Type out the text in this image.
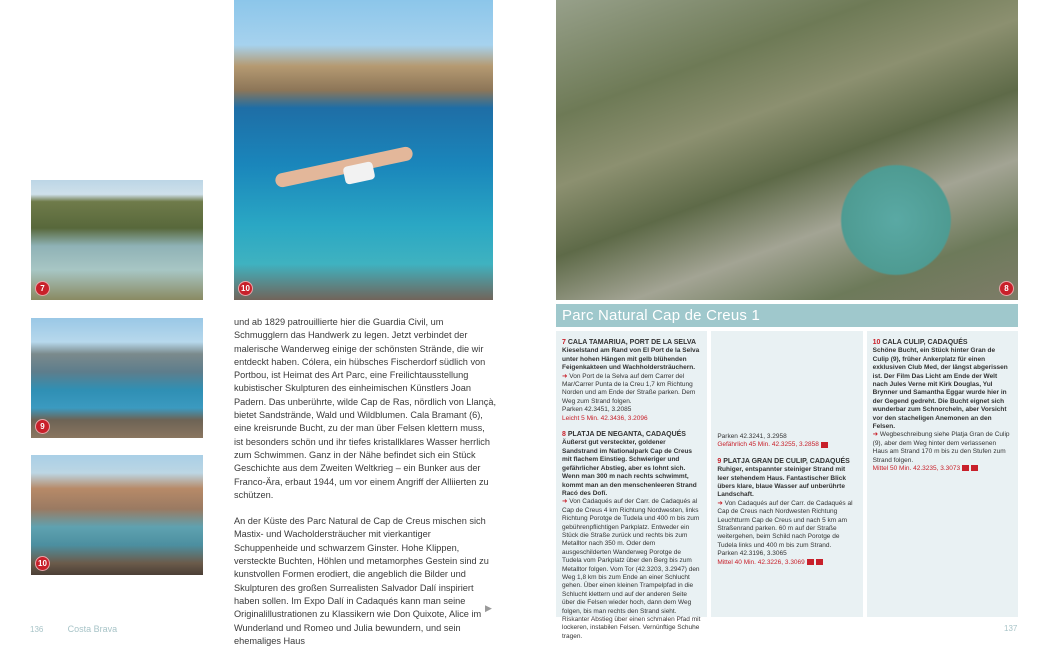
7
9
10
10	8

und ab 1829 patrouillierte hier die Guardia Civil, um Schmugglern das Handwerk zu legen. Jetzt verbindet der malerische Wanderweg einige der schönsten Strände, die wir entdeckt haben. Cólera, ein hübsches Fischerdorf südlich von Portbou, ist Heimat des Art Parc, eine Freilichtausstellung kubistischer Skulpturen des einheimischen Künstlers Joan Padern. Das unberührte, wilde Cap de Ras, nördlich von Llançà, bietet Sandstrände, Wald und Wildblumen. Cala Bramant (6), eine kreisrunde Bucht, zu der man über Felsen klettern muss, ist besonders schön und ihr tiefes kristallklares Wasser herrlich zum Schwimmen. Ganz in der Nähe befindet sich ein Stück Geschichte aus dem Zweiten Weltkrieg – ein Bunker aus der Franco-Ära, erbaut 1944, um vor einem Angriff der Alliierten zu schützen.

An der Küste des Parc Natural de Cap de Creus mischen sich Mastix- und Wacholdersträucher mit vierkantiger Schuppenheide und schwarzem Ginster. Hohe Klippen, versteckte Buchten, Höhlen und metamorphes Gestein sind zu kunstvollen Formen erodiert, die angeblich die Bilder und Skulpturen des großen Surrealisten Salvador Dalí inspiriert haben sollen. Im Expo Dalí in Cadaqués kann man seine Originalillustrationen zu Klassikern wie Don Quixote, Alice im Wunderland und Romeo und Julia bewundern, und sein ehemaliges Haus

▶
Parc Natural Cap de Creus 1
7 CALA TAMARIUA, PORT DE LA SELVA
Kieselstand am Rand von El Port de la Selva unter hohen Hängen mit gelb blühenden Feigenkakteen und Wachholdersträuchern.
➜ Von Port de la Selva auf dem Carrer del Mar/Carrer Punta de la Creu 1,7 km Richtung Norden und am Ende der Straße parken. Dem Weg zum Strand folgen.
Parken 42.3451, 3.2085
Leicht 5 Min. 42.3436, 3.2096
8 PLATJA DE NEGANTA, CADAQUÉS
Äußerst gut versteckter, goldener Sandstrand im Nationalpark Cap de Creus mit flachem Einstieg. Schwieriger und gefährlicher Abstieg, aber es lohnt sich. Wenn man 300 m nach rechts schwimmt, kommt man an den menschenleeren Strand Racó des Dofí.
➜ Von Cadaqués auf der Carr. de Cadaqués al Cap de Creus 4 km Richtung Nordwesten, links Richtung Porotge de Tudela und 400 m bis zum gebührenpflichtigen Parkplatz. Entweder ein Stück die Straße zurück und rechts bis zum Metalltor nach 350 m. Oder dem ausgeschilderten Wanderweg Porotge de Tudela vom Parkplatz über den Berg bis zum Metalltor folgen. Vom Tor (42.3203, 3.2947) den Weg 1,8 km bis zum Ende an einer Schlucht gehen. Über einen kleinen Trampelpfad in die Schlucht klettern und auf der anderen Seite über die Felsen wieder hoch, dann dem Weg folgen, bis man rechts den Strand sieht. Riskanter Abstieg über einen schmalen Pfad mit lockeren, instabilen Felsen. Vernünftige Schuhe tragen.
Parken 42.3241, 3.2958
Gefährlich 45 Min. 42.3255, 3.2858
9 PLATJA GRAN DE CULIP, CADAQUÉS
Ruhiger, entspannter steiniger Strand mit leer stehendem Haus. Fantastischer Blick übers klare, blaue Wasser auf unberührte Landschaft.
➜ Von Cadaqués auf der Carr. de Cadaqués al Cap de Creus nach Nordwesten Richtung Leuchtturm Cap de Creus und nach 5 km am Straßenrand parken. 60 m auf der Straße weitergehen, beim Schild nach Porotge de Tudela links und 400 m bis zum Strand.
Parken 42.3196, 3.3065
Mittel 40 Min. 42.3226, 3.3069
10 CALA CULIP, CADAQUÉS
Schöne Bucht, ein Stück hinter Gran de Culip (9), früher Ankerplatz für einen exklusiven Club Med, der längst abgerissen ist. Der Film Das Licht am Ende der Welt nach Jules Verne mit Kirk Douglas, Yul Brynner und Samantha Eggar wurde hier in der Gegend gedreht. Die Bucht eignet sich wunderbar zum Schnorcheln, aber Vorsicht vor den stacheligen Anemonen an den Felsen.
➜ Wegbeschreibung siehe Platja Gran de Culip (9), aber dem Weg hinter dem verlassenen Haus am Strand 170 m bis zu den Stufen zum Strand folgen.
Mittel 50 Min. 42.3235, 3.3073
136	Costa Brava	137
